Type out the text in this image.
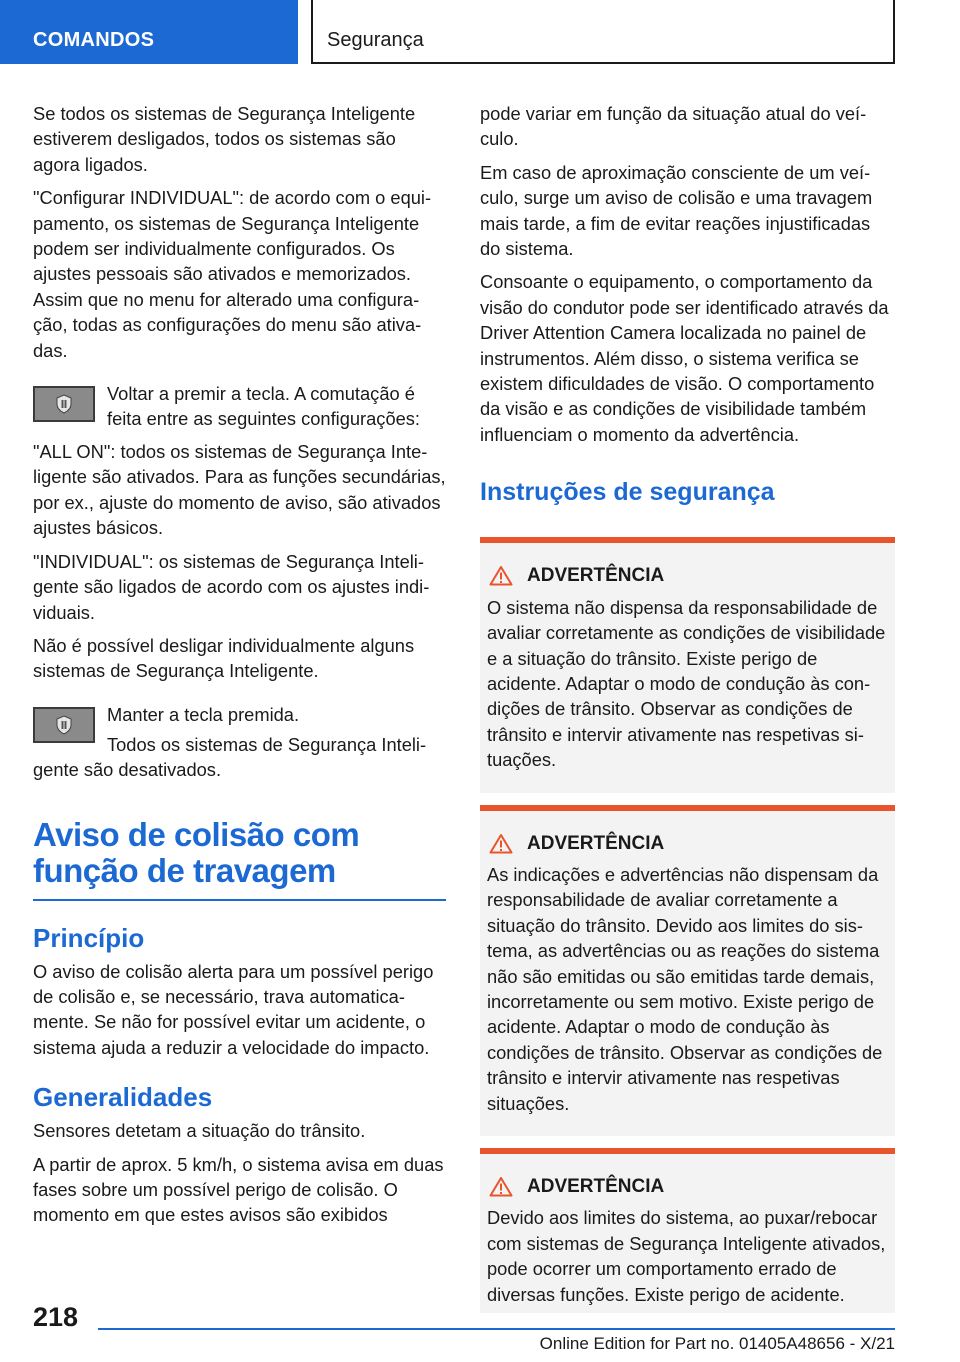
COMANDOS	Segurança

Se todos os sistemas de Segurança Inteligente estiverem desligados, todos os sistemas são agora ligados.

"Configurar INDIVIDUAL": de acordo com o equipamento, os sistemas de Segurança Inteligente podem ser individualmente configurados. Os ajustes pessoais são ativados e memorizados. Assim que no menu for alterado uma configuração, todas as configurações do menu são ativadas.

Voltar a premir a tecla. A comutação é feita entre as seguintes configurações:

"ALL ON": todos os sistemas de Segurança Inteligente são ativados. Para as funções secundárias, por ex., ajuste do momento de aviso, são ativados ajustes básicos.

"INDIVIDUAL": os sistemas de Segurança Inteligente são ligados de acordo com os ajustes individuais.

Não é possível desligar individualmente alguns sistemas de Segurança Inteligente.

Manter a tecla premida.

Todos os sistemas de Segurança Inteligente são desativados.

Aviso de colisão com função de travagem
Princípio

O aviso de colisão alerta para um possível perigo de colisão e, se necessário, trava automaticamente. Se não for possível evitar um acidente, o sistema ajuda a reduzir a velocidade do impacto.

Generalidades

Sensores detetam a situação do trânsito.

A partir de aprox. 5 km/h, o sistema avisa em duas fases sobre um possível perigo de colisão. O momento em que estes avisos são exibidos

pode variar em função da situação atual do veículo.

Em caso de aproximação consciente de um veículo, surge um aviso de colisão e uma travagem mais tarde, a fim de evitar reações injustificadas do sistema.

Consoante o equipamento, o comportamento da visão do condutor pode ser identificado através da Driver Attention Camera localizada no painel de instrumentos. Além disso, o sistema verifica se existem dificuldades de visão. O comportamento da visão e as condições de visibilidade também influenciam o momento da advertência.

Instruções de segurança
ADVERTÊNCIA

O sistema não dispensa da responsabilidade de avaliar corretamente as condições de visibilidade e a situação do trânsito. Existe perigo de acidente. Adaptar o modo de condução às condições de trânsito. Observar as condições de trânsito e intervir ativamente nas respetivas situações.

ADVERTÊNCIA

As indicações e advertências não dispensam da responsabilidade de avaliar corretamente a situação do trânsito. Devido aos limites do sistema, as advertências ou as reações do sistema não são emitidas ou são emitidas tarde demais, incorretamente ou sem motivo. Existe perigo de acidente. Adaptar o modo de condução às condições de trânsito. Observar as condições de trânsito e intervir ativamente nas respetivas situações.

ADVERTÊNCIA

Devido aos limites do sistema, ao puxar/rebocar com sistemas de Segurança Inteligente ativados, pode ocorrer um comportamento errado de diversas funções. Existe perigo de acidente.

218
Online Edition for Part no. 01405A48656 - X/21
